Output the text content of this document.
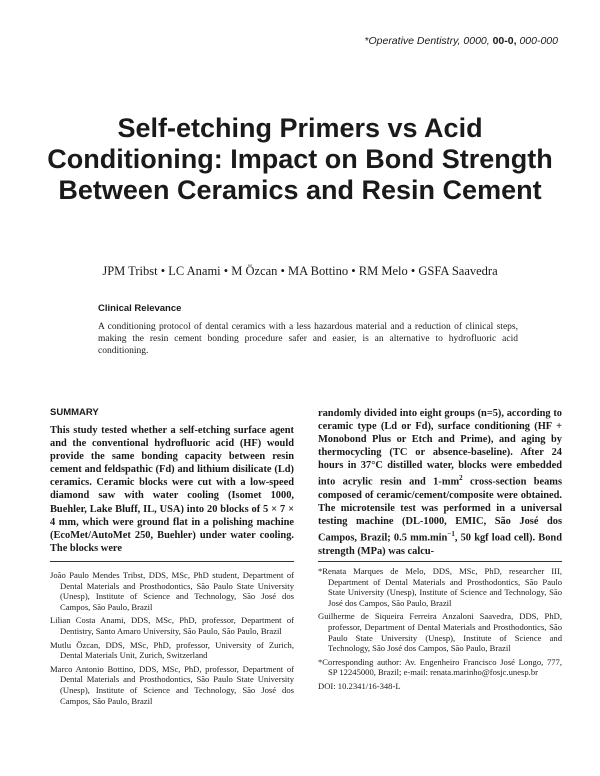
*Operative Dentistry, 0000, 00-0, 000-000
Self-etching Primers vs Acid Conditioning: Impact on Bond Strength Between Ceramics and Resin Cement
JPM Tribst • LC Anami • M Özcan • MA Bottino • RM Melo • GSFA Saavedra
Clinical Relevance
A conditioning protocol of dental ceramics with a less hazardous material and a reduction of clinical steps, making the resin cement bonding procedure safer and easier, is an alternative to hydrofluoric acid conditioning.
SUMMARY
This study tested whether a self-etching surface agent and the conventional hydrofluoric acid (HF) would provide the same bonding capacity between resin cement and feldspathic (Fd) and lithium disilicate (Ld) ceramics. Ceramic blocks were cut with a low-speed diamond saw with water cooling (Isomet 1000, Buehler, Lake Bluff, IL, USA) into 20 blocks of 5 × 7 × 4 mm, which were ground flat in a polishing machine (EcoMet/AutoMet 250, Buehler) under water cooling. The blocks were
randomly divided into eight groups (n=5), according to ceramic type (Ld or Fd), surface conditioning (HF + Monobond Plus or Etch and Prime), and aging by thermocycling (TC or absence-baseline). After 24 hours in 37°C distilled water, blocks were embedded into acrylic resin and $1-mm^2$ cross-section beams composed of ceramic/cement/composite were obtained. The microtensile test was performed in a universal testing machine (DL-1000, EMIC, São José dos Campos, Brazil; 0.5 $mm.\min^{-1}$, 50 kgf load cell). Bond strength (MPa) was calcu-

João Paulo Mendes Tribst, DDS, MSc, PhD student, Department of Dental Materials and Prosthodontics, São Paulo State University (Unesp), Institute of Science and Technology, São José dos Campos, São Paulo, Brazil

Lilian Costa Anami, DDS, MSc, PhD, professor, Department of Dentistry, Santo Amaro University, São Paulo, São Paulo, Brazil

Mutlu Özcan, DDS, MSc, PhD, professor, University of Zurich, Dental Materials Unit, Zurich, Switzerland

Marco Antonio Bottino, DDS, MSc, PhD, professor, Department of Dental Materials and Prosthodontics, São Paulo State University (Unesp), Institute of Science and Technology, São José dos Campos, São Paulo, Brazil

*Renata Marques de Melo, DDS, MSc, PhD, researcher III, Department of Dental Materials and Prosthodontics, São Paulo State University (Unesp), Institute of Science and Technology, São José dos Campos, São Paulo, Brazil

Guilherme de Siqueira Ferreira Anzaloni Saavedra, DDS, PhD, professor, Department of Dental Materials and Prosthodontics, São Paulo State University (Unesp), Institute of Science and Technology, São José dos Campos, São Paulo, Brazil

*Corresponding author: Av. Engenheiro Francisco José Longo, 777, SP 12245000, Brazil; e-mail: renata.marinho@fosjc.unesp.br

DOI: 10.2341/16-348-L
